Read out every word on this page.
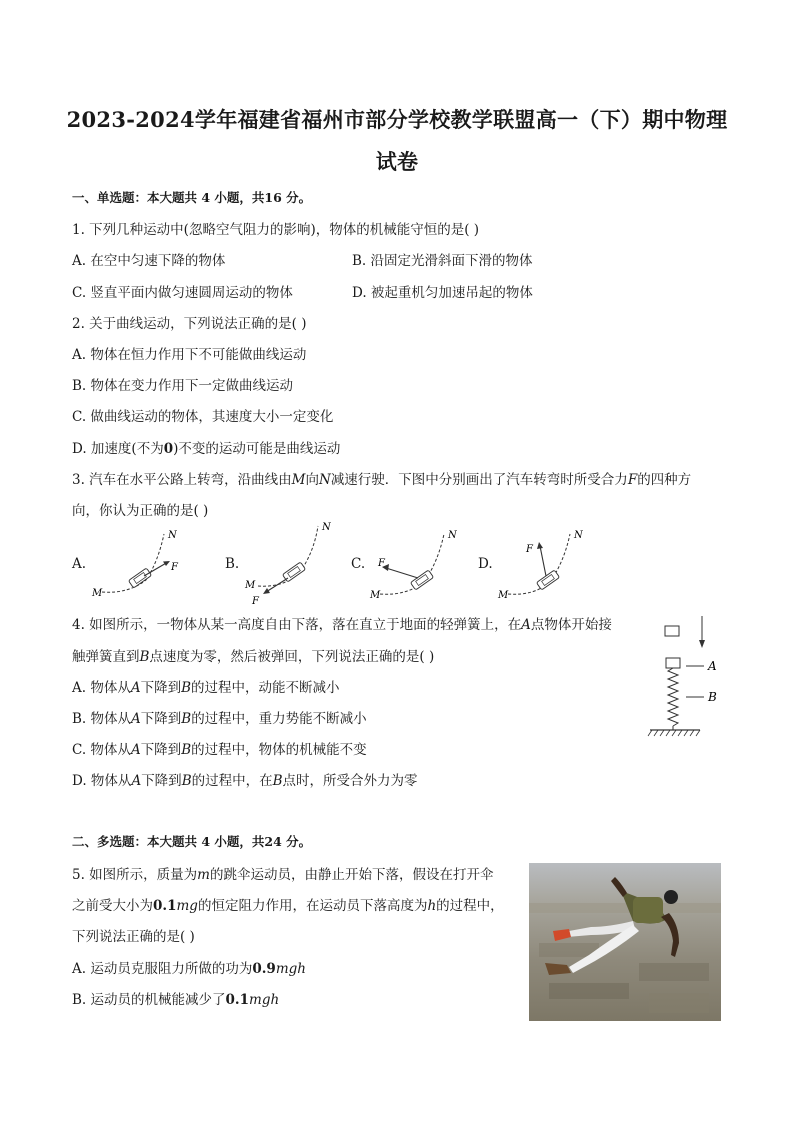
2023-2024学年福建省福州市部分学校教学联盟高一（下）期中物理
试卷
一、单选题：本大题共 4 小题，共16 分。
1. 下列几种运动中(忽略空气阻力的影响)，物体的机械能守恒的是( )
A. 在空中匀速下降的物体	B. 沿固定光滑斜面下滑的物体
C. 竖直平面内做匀速圆周运动的物体	D. 被起重机匀加速吊起的物体
2. 关于曲线运动，下列说法正确的是( )
A. 物体在恒力作用下不可能做曲线运动
B. 物体在变力作用下一定做曲线运动
C. 做曲线运动的物体，其速度大小一定变化
D. 加速度(不为0)不变的运动可能是曲线运动
3. 汽车在水平公路上转弯，沿曲线由M向N减速行驶．下图中分别画出了汽车转弯时所受合力F的四种方
向，你认为正确的是( )
A.
N
M
F	B.
N
M
F
C.
N
M
F	D.
N
M
F
4. 如图所示，一物体从某一高度自由下落，落在直立于地面的轻弹簧上，在A点物体开始接
触弹簧直到B点速度为零，然后被弹回，下列说法正确的是( )
A. 物体从A下降到B的过程中，动能不断减小
B. 物体从A下降到B的过程中，重力势能不断减小
C. 物体从A下降到B的过程中，物体的机械能不变
D. 物体从A下降到B的过程中，在B点时，所受合外力为零
A
B
二、多选题：本大题共 4 小题，共24 分。
5. 如图所示，质量为m的跳伞运动员，由静止开始下落，假设在打开伞
之前受大小为0.1mg的恒定阻力作用，在运动员下落高度为h的过程中，
下列说法正确的是( )
A. 运动员克服阻力所做的功为0.9mgh
B. 运动员的机械能减少了0.1mgh
